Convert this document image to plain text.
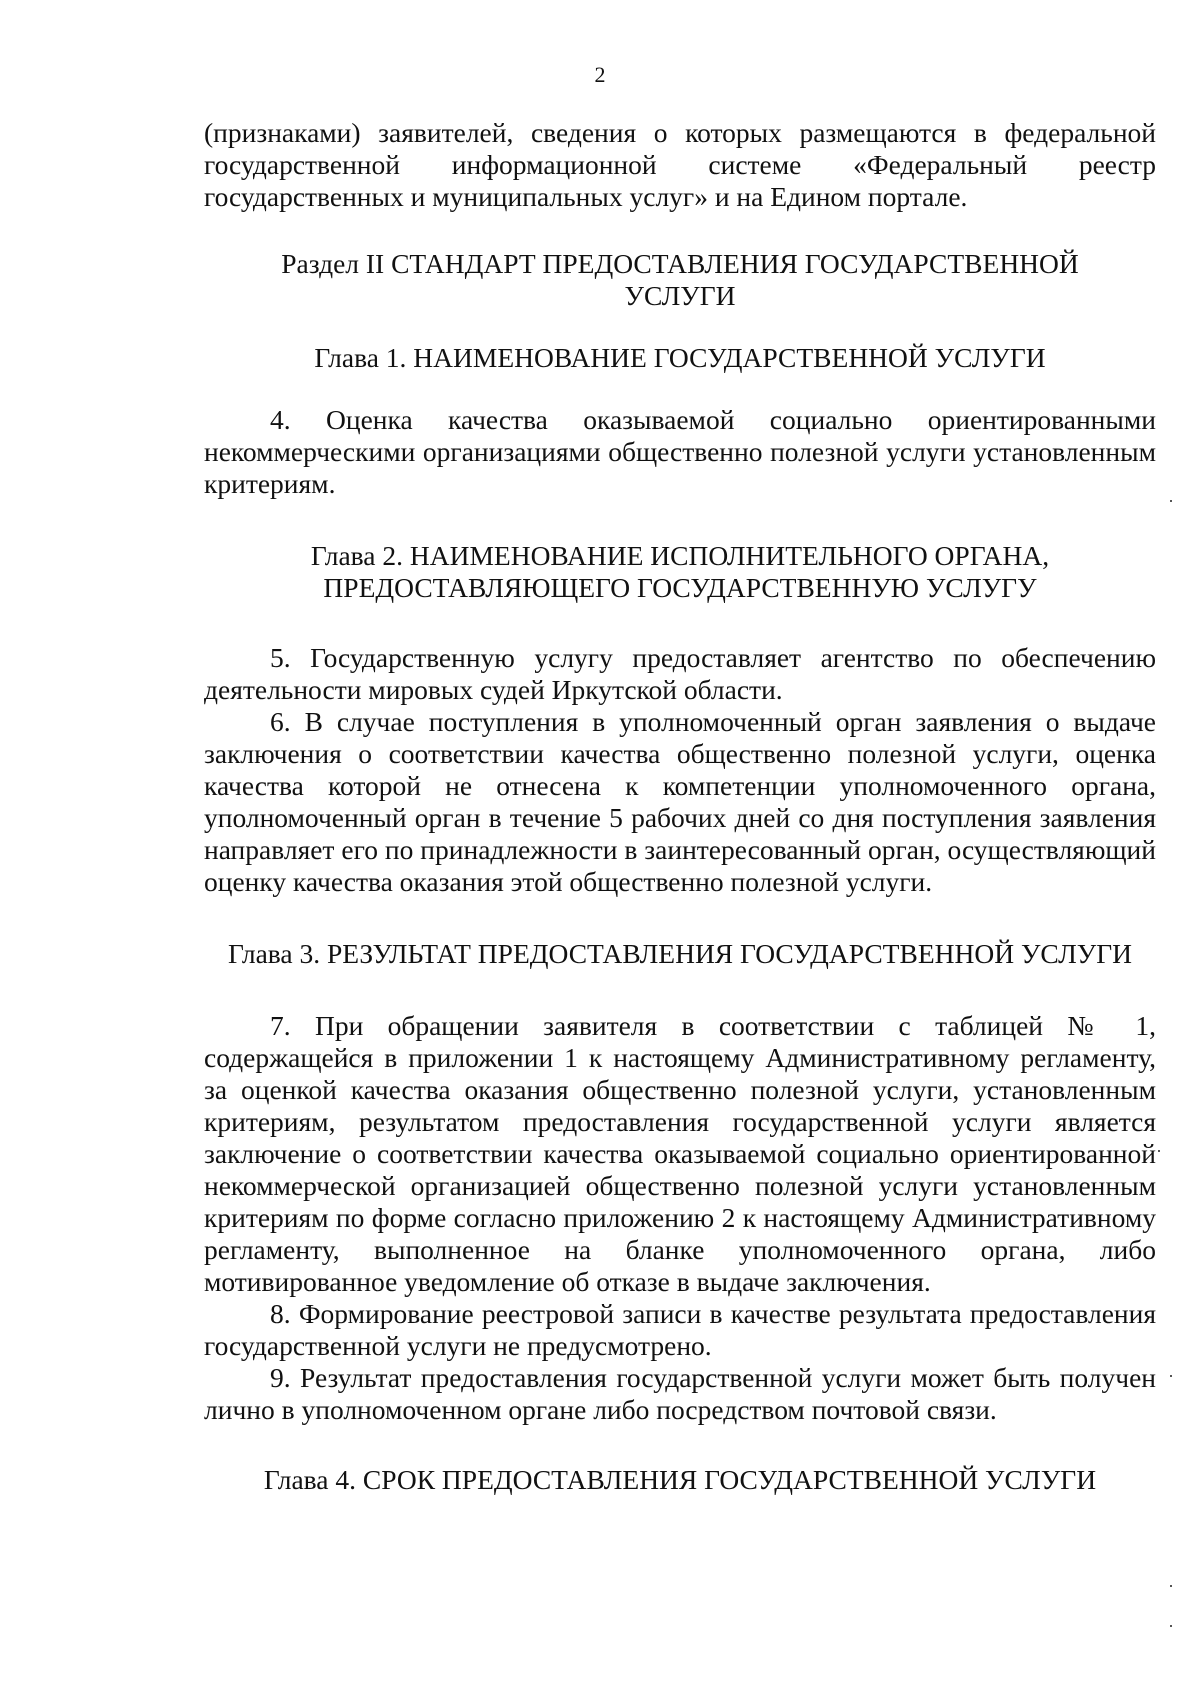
2

(признаками) заявителей, сведения о которых размещаются в федеральной государственной информационной системе «Федеральный реестр государственных и муниципальных услуг» и на Едином портале.

Раздел II СТАНДАРТ ПРЕДОСТАВЛЕНИЯ ГОСУДАРСТВЕННОЙ УСЛУГИ
Глава 1. НАИМЕНОВАНИЕ ГОСУДАРСТВЕННОЙ УСЛУГИ

4. Оценка качества оказываемой социально ориентированными некоммерческими организациями общественно полезной услуги установленным критериям.

Глава 2. НАИМЕНОВАНИЕ ИСПОЛНИТЕЛЬНОГО ОРГАНА, ПРЕДОСТАВЛЯЮЩЕГО ГОСУДАРСТВЕННУЮ УСЛУГУ

5. Государственную услугу предоставляет агентство по обеспечению деятельности мировых судей Иркутской области.

6. В случае поступления в уполномоченный орган заявления о выдаче заключения о соответствии качества общественно полезной услуги, оценка качества которой не отнесена к компетенции уполномоченного органа, уполномоченный орган в течение 5 рабочих дней со дня поступления заявления направляет его по принадлежности в заинтересованный орган, осуществляющий оценку качества оказания этой общественно полезной услуги.

Глава 3. РЕЗУЛЬТАТ ПРЕДОСТАВЛЕНИЯ ГОСУДАРСТВЕННОЙ УСЛУГИ

7. При обращении заявителя в соответствии с таблицей № 1, содержащейся в приложении 1 к настоящему Административному регламенту, за оценкой качества оказания общественно полезной услуги, установленным критериям, результатом предоставления государственной услуги является заключение о соответствии качества оказываемой социально ориентированной некоммерческой организацией общественно полезной услуги установленным критериям по форме согласно приложению 2 к настоящему Административному регламенту, выполненное на бланке уполномоченного органа, либо мотивированное уведомление об отказе в выдаче заключения.

8. Формирование реестровой записи в качестве результата предоставления государственной услуги не предусмотрено.

9. Результат предоставления государственной услуги может быть получен лично в уполномоченном органе либо посредством почтовой связи.

Глава 4. СРОК ПРЕДОСТАВЛЕНИЯ ГОСУДАРСТВЕННОЙ УСЛУГИ
